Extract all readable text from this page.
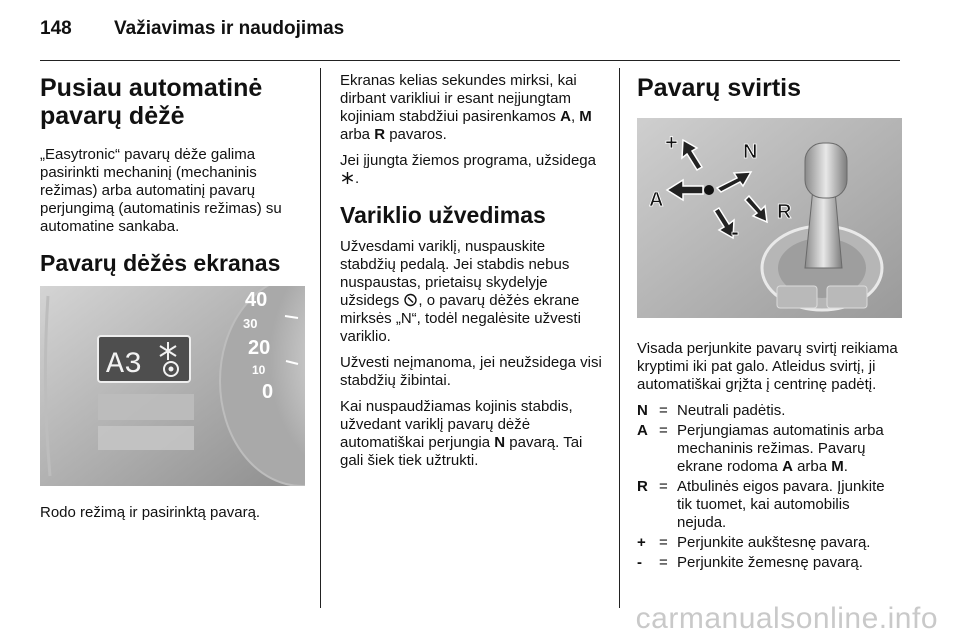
148 Važiavimas ir naudojimas
Pusiau automatinė pavarų dėžė

„Easytronic“ pavarų dėže galima pasirinkti mechaninį (mechaninis režimas) arba automatinį pavarų perjungimą (automatinis režimas) su automatine sankaba.

Pavarų dėžės ekranas
40
30
20
10
0
A3

Rodo režimą ir pasirinktą pavarą.

Ekranas kelias sekundes mirksi, kai dirbant varikliui ir esant neįjungtam kojiniam stabdžiui pasirenkamos A, M arba R pavaros.

Jei įjungta žiemos programa, užsidega .

Variklio užvedimas

Užvesdami variklį, nuspauskite stabdžių pedalą. Jei stabdis nebus nuspaustas, prietaisų skydelyje užsidegs , o pavarų dėžės ekrane mirksės „N“, todėl negalėsite užvesti variklio.

Užvesti neįmanoma, jei neužsidega visi stabdžių žibintai.

Kai nuspaudžiamas kojinis stabdis, užvedant variklį pavarų dėžė automatiškai perjungia N pavarą. Tai gali šiek tiek užtrukti.

Pavarų svirtis
+	N
A
R
-

Visada perjunkite pavarų svirtį reikiama kryptimi iki pat galo. Atleidus svirtį, ji automatiškai grįžta į centrinę padėtį.

N = Neutrali padėtis.
A = Perjungiamas automatinis arba mechaninis režimas. Pavarų ekrane rodoma A arba M.
R = Atbulinės eigos pavara. Įjunkite tik tuomet, kai automobilis nejuda.
+ = Perjunkite aukštesnę pavarą.
-	= Perjunkite žemesnę pavarą.
carmanualsonline.info
